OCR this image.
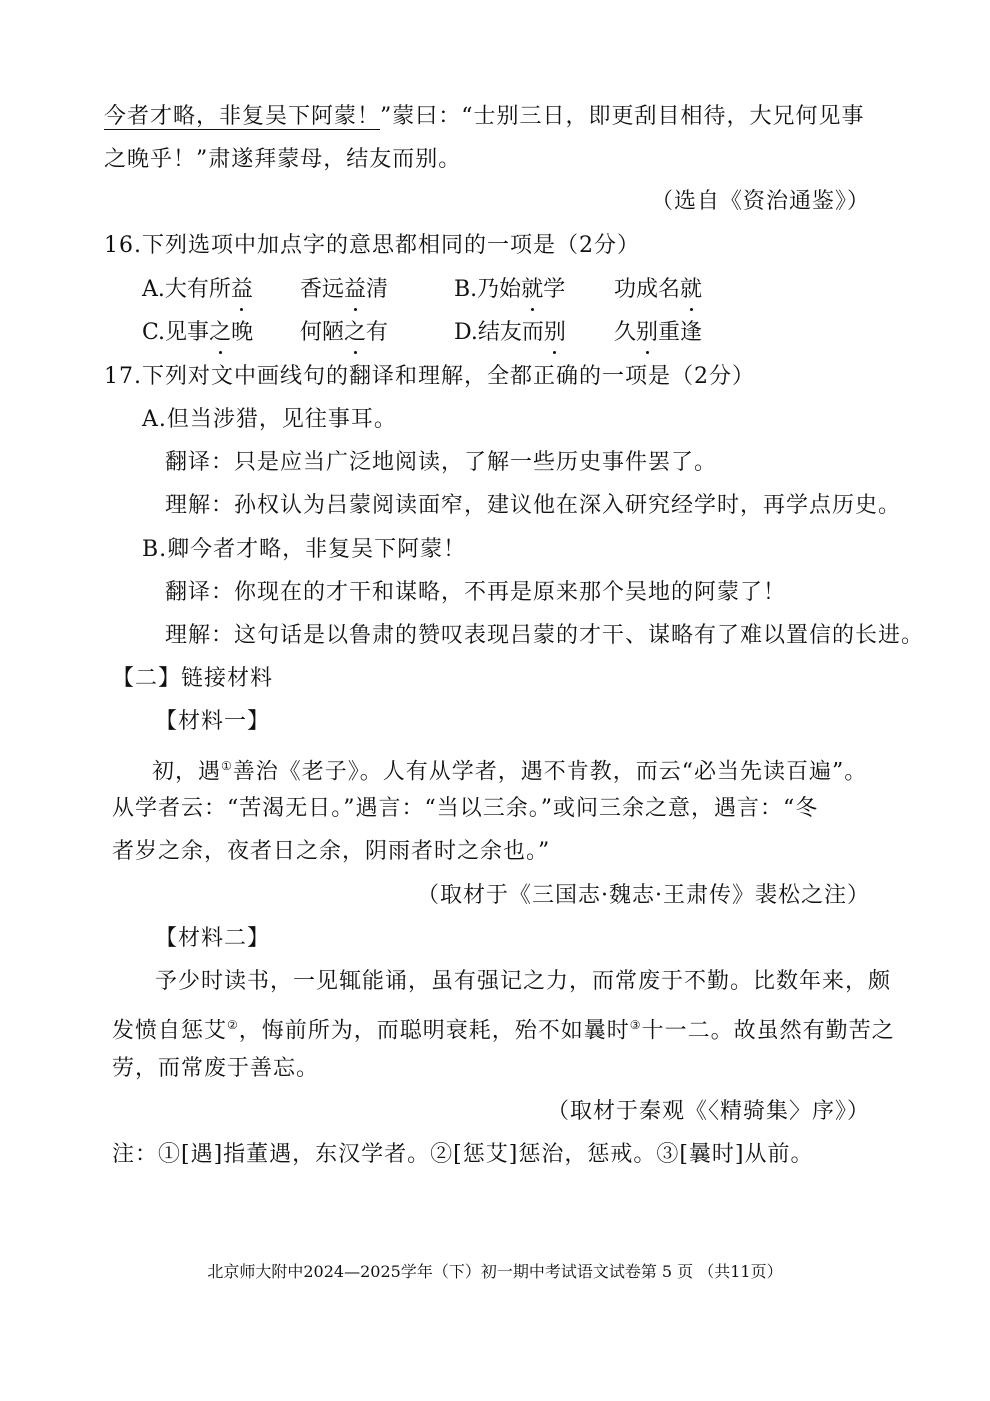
今者才略，非复吴下阿蒙！”蒙曰：“士别三日，即更刮目相待，大兄何见事
之晚乎！”肃遂拜蒙母，结友而别。
（选自《资治通鉴》）
16.下列选项中加点字的意思都相同的一项是（2分）
A.大有所益 香远益清	B.乃始就学 功成名就
C.见事之晚 何陋之有	D.结友而别 久别重逢
17.下列对文中画线句的翻译和理解，全都正确的一项是（2分）
A.但当涉猎，见往事耳。
翻译：只是应当广泛地阅读，了解一些历史事件罢了。
理解：孙权认为吕蒙阅读面窄，建议他在深入研究经学时，再学点历史。
B.卿今者才略，非复吴下阿蒙！
翻译：你现在的才干和谋略，不再是原来那个吴地的阿蒙了！
理解：这句话是以鲁肃的赞叹表现吕蒙的才干、谋略有了难以置信的长进。
【二】链接材料
【材料一】
初，遇①善治《老子》。人有从学者，遇不肯教，而云“必当先读百遍”。
从学者云：“苦渴无日。”遇言：“当以三余。”或问三余之意，遇言：“冬
者岁之余，夜者日之余，阴雨者时之余也。”
（取材于《三国志·魏志·王肃传》裴松之注）
【材料二】
予少时读书，一见辄能诵，虽有强记之力，而常废于不勤。比数年来，颇
发愤自惩艾②，悔前所为，而聪明衰耗，殆不如曩时③十一二。故虽然有勤苦之
劳，而常废于善忘。
（取材于秦观《〈精骑集〉序》）
注：①[遇]指董遇，东汉学者。②[惩艾]惩治，惩戒。③[曩时]从前。
北京师大附中2024—2025学年（下）初一期中考试语文试卷第 5 页 （共11页）
